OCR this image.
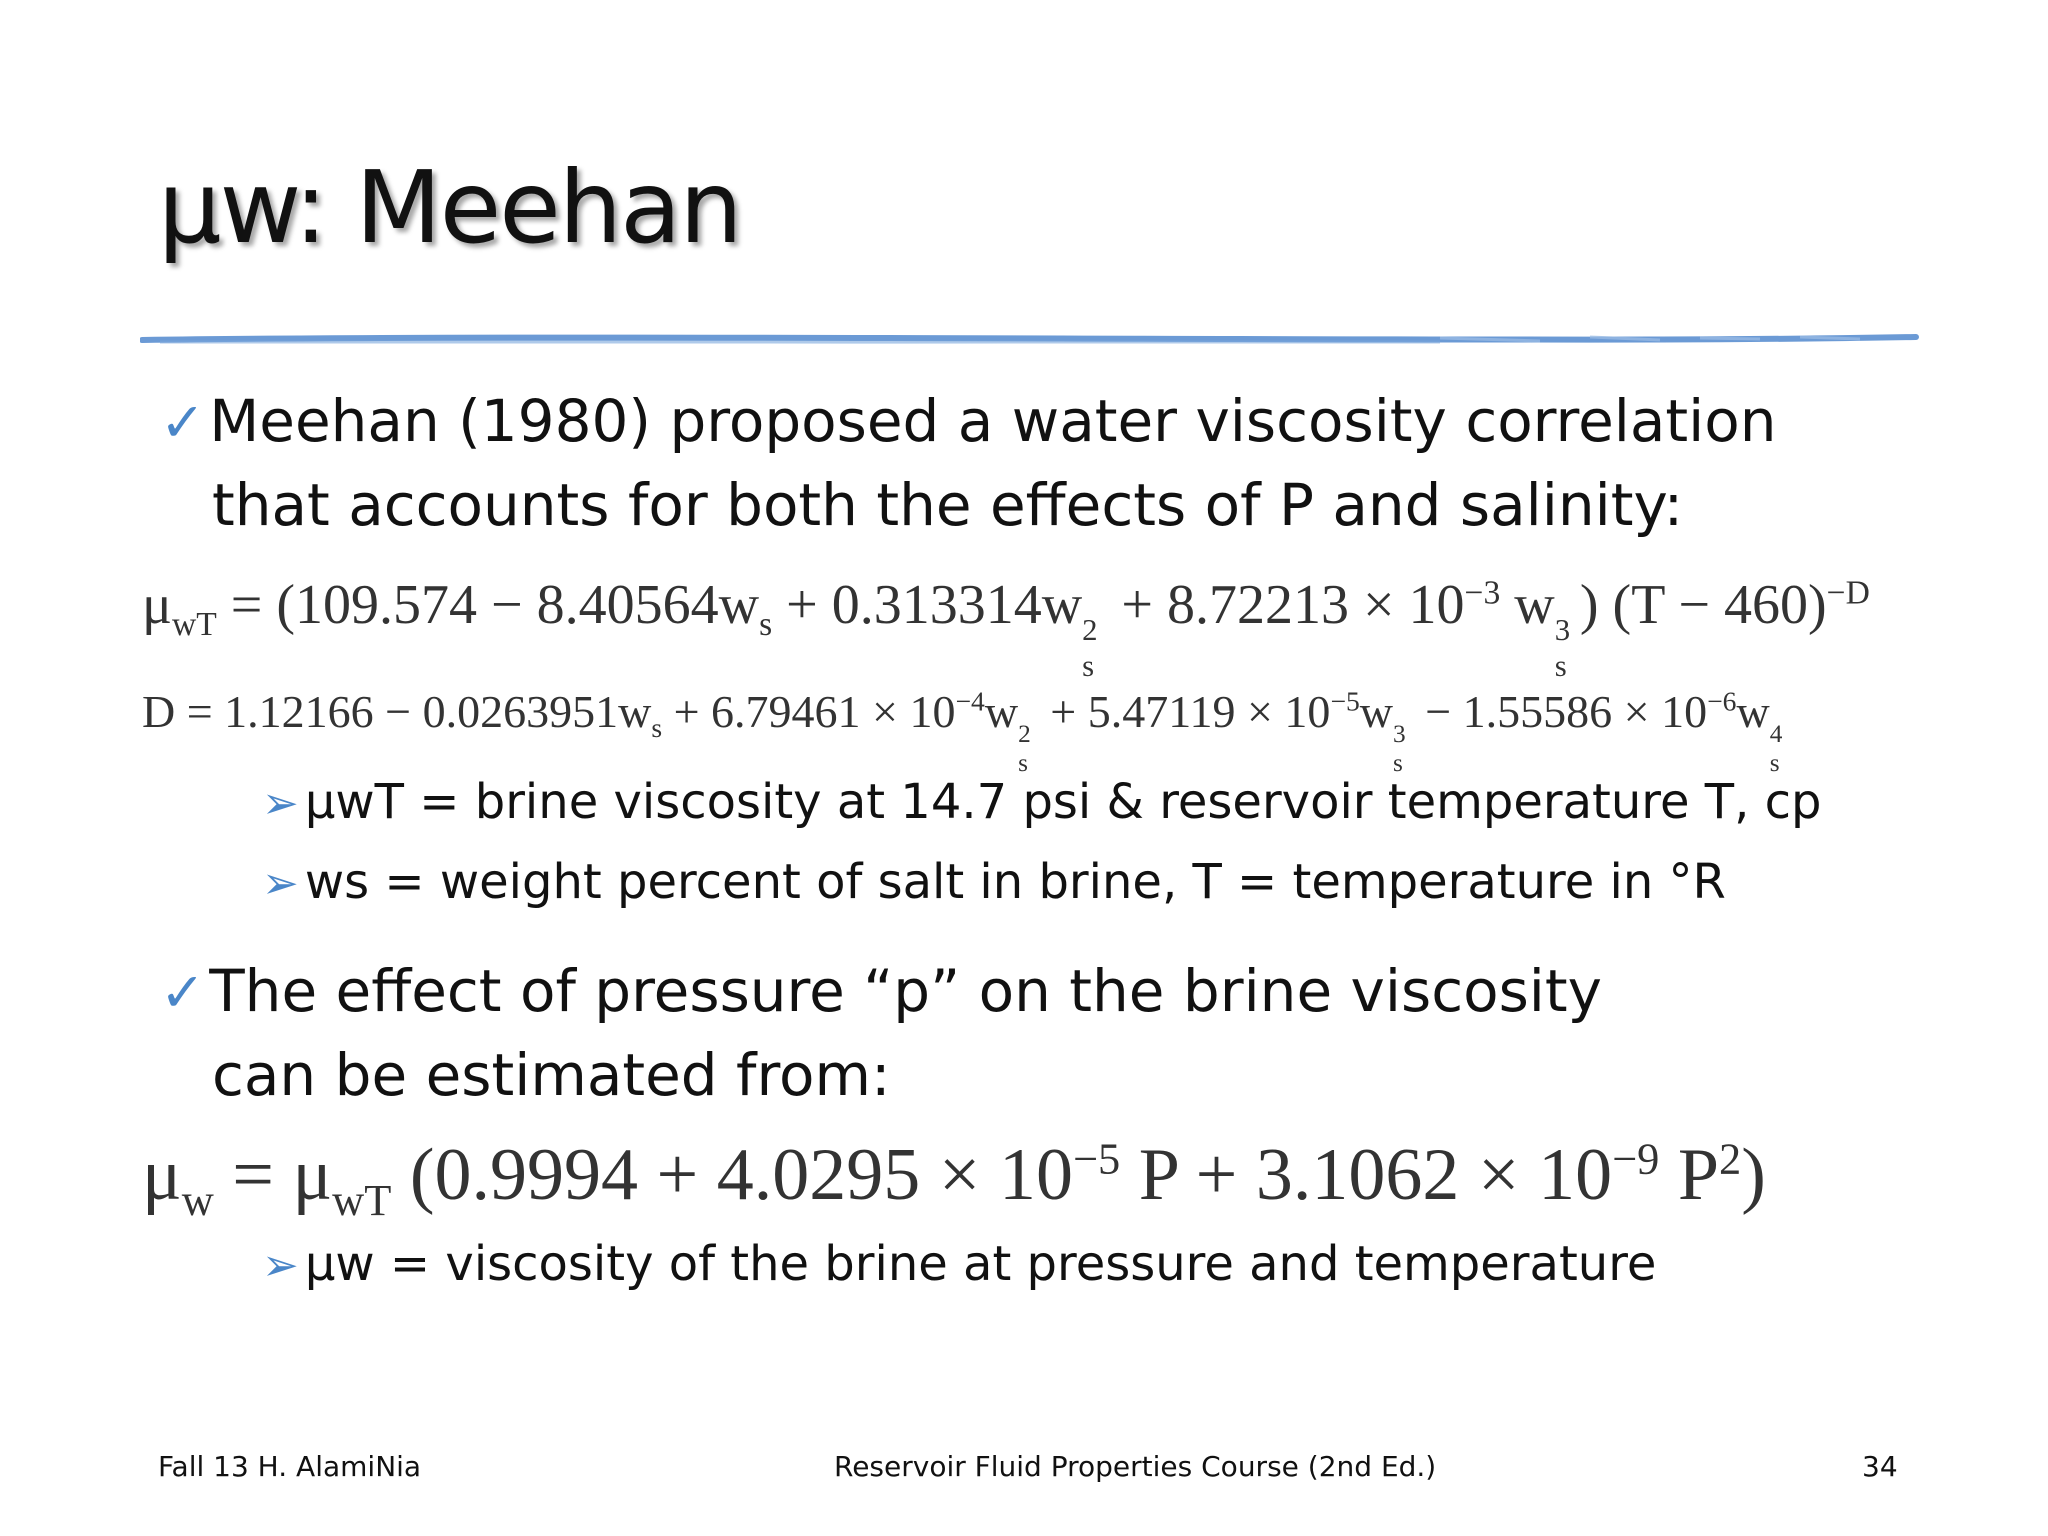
μw: Meehan
✓Meehan (1980) proposed a water viscosity correlation
that accounts for both the effects of P and salinity:
$\mu_{wT} = (109.574 - 8.40564w_s + 0.313314w$ 2
s
+ $8.72213 \times 10^{-3}$ w 3
s
) $(T - 460)^{-D}$
$D = 1.12166 - 0.0263951w_s + 6.79461 \times 10^{-4}w$ 2
s
+ $5.47119 \times 10^{-5}w$ 3
s
− $1.55586 \times 10^{-6}w$ 4
s
➢ μwT = brine viscosity at 14.7 psi & reservoir temperature T, cp
➢ ws = weight percent of salt in brine, T = temperature in °R
✓The effect of pressure “p” on the brine viscosity
can be estimated from:
$\mu_w = \mu_{wT}$ ($0.9994 + 4.0295 \times 10^{-5}$ $P + 3.1062 \times 10^{-9}$ $P^2$)
➢ μw = viscosity of the brine at pressure and temperature
Fall 13 H. AlamiNia	Reservoir Fluid Properties Course (2nd Ed.)	34
